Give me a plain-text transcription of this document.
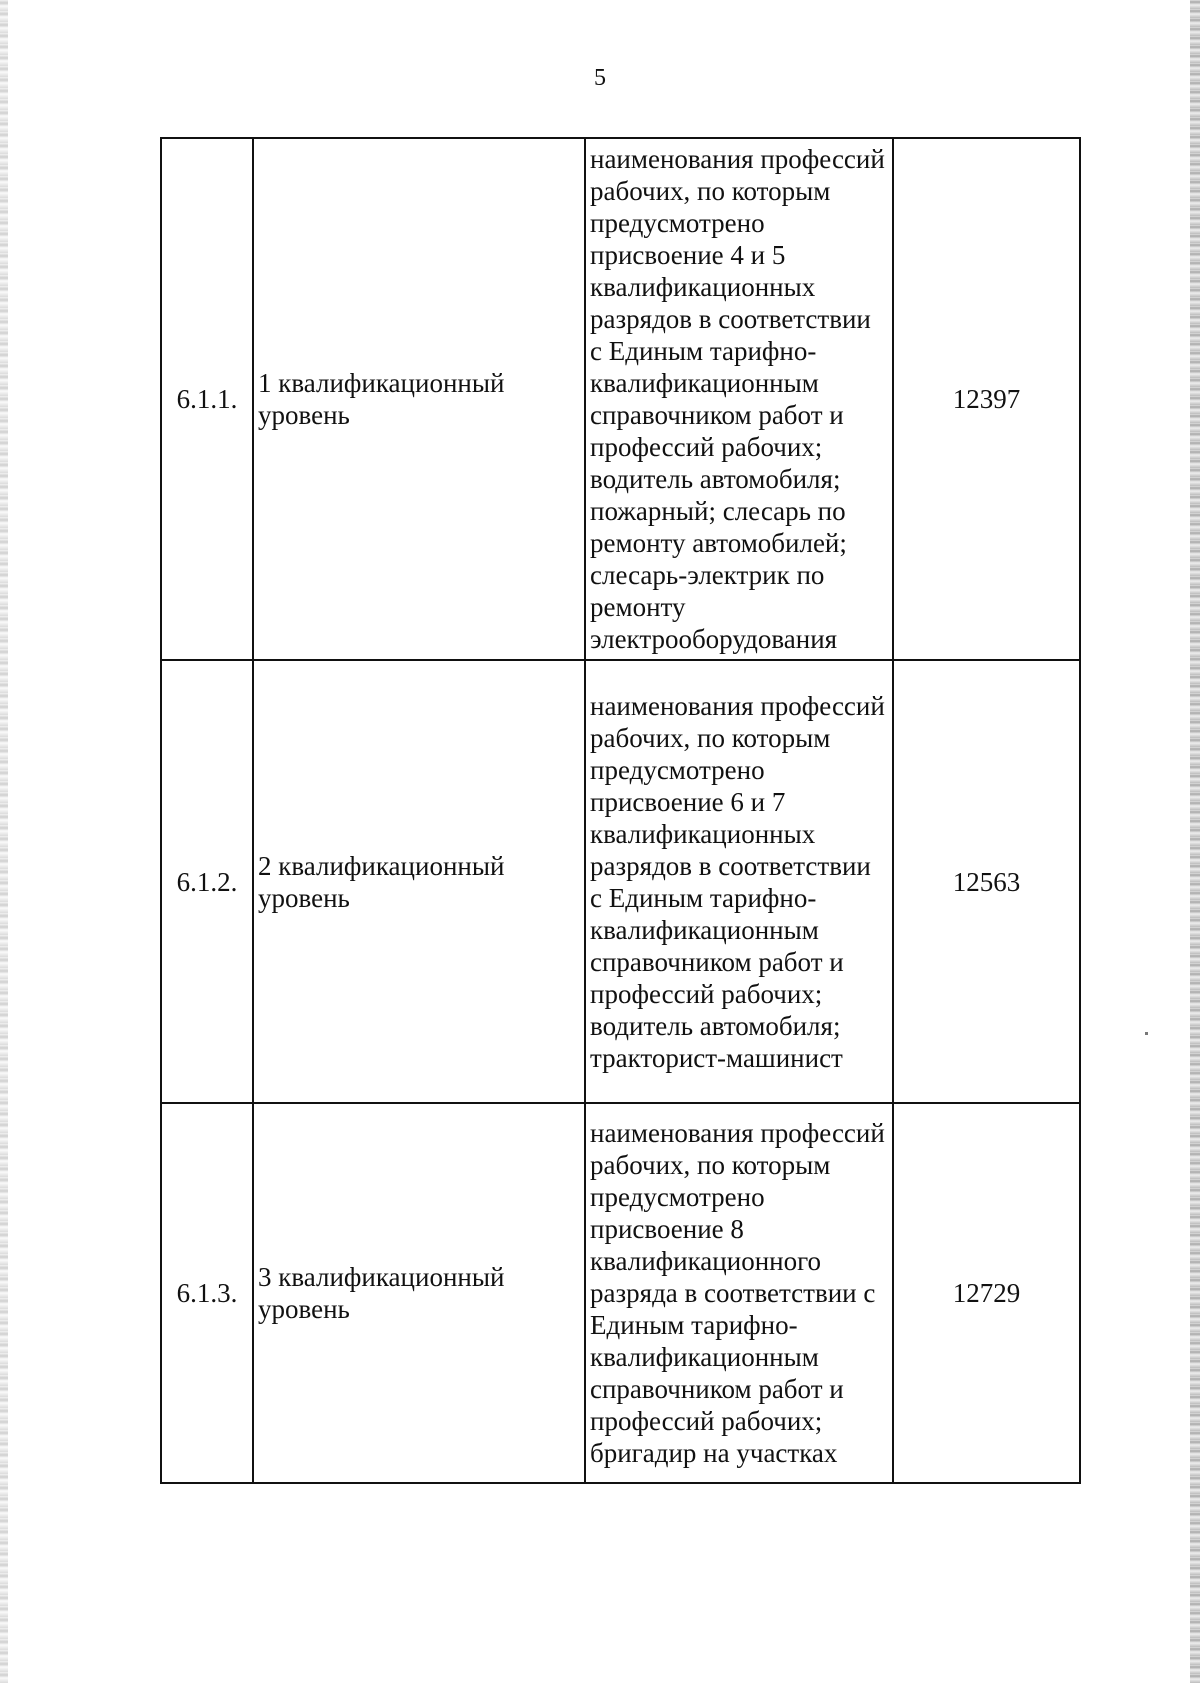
5
6.1.1.	1 квалификационный уровень	наименования профессий рабочих, по которым предусмотрено присвоение 4 и 5 квалификационных разрядов в соответствии с Единым тарифно-квалификационным справочником работ и профессий рабочих; водитель автомобиля; пожарный; слесарь по ремонту автомобилей; слесарь-электрик по ремонту электрооборудования	12397
6.1.2.	2 квалификационный уровень	наименования профессий рабочих, по которым предусмотрено присвоение 6 и 7 квалификационных разрядов в соответствии с Единым тарифно-квалификационным справочником работ и профессий рабочих; водитель автомобиля; тракторист-машинист	12563
6.1.3.	3 квалификационный уровень	наименования профессий рабочих, по которым предусмотрено присвоение 8 квалификационного разряда в соответствии с Единым тарифно-квалификационным справочником работ и профессий рабочих; бригадир на участках	12729
